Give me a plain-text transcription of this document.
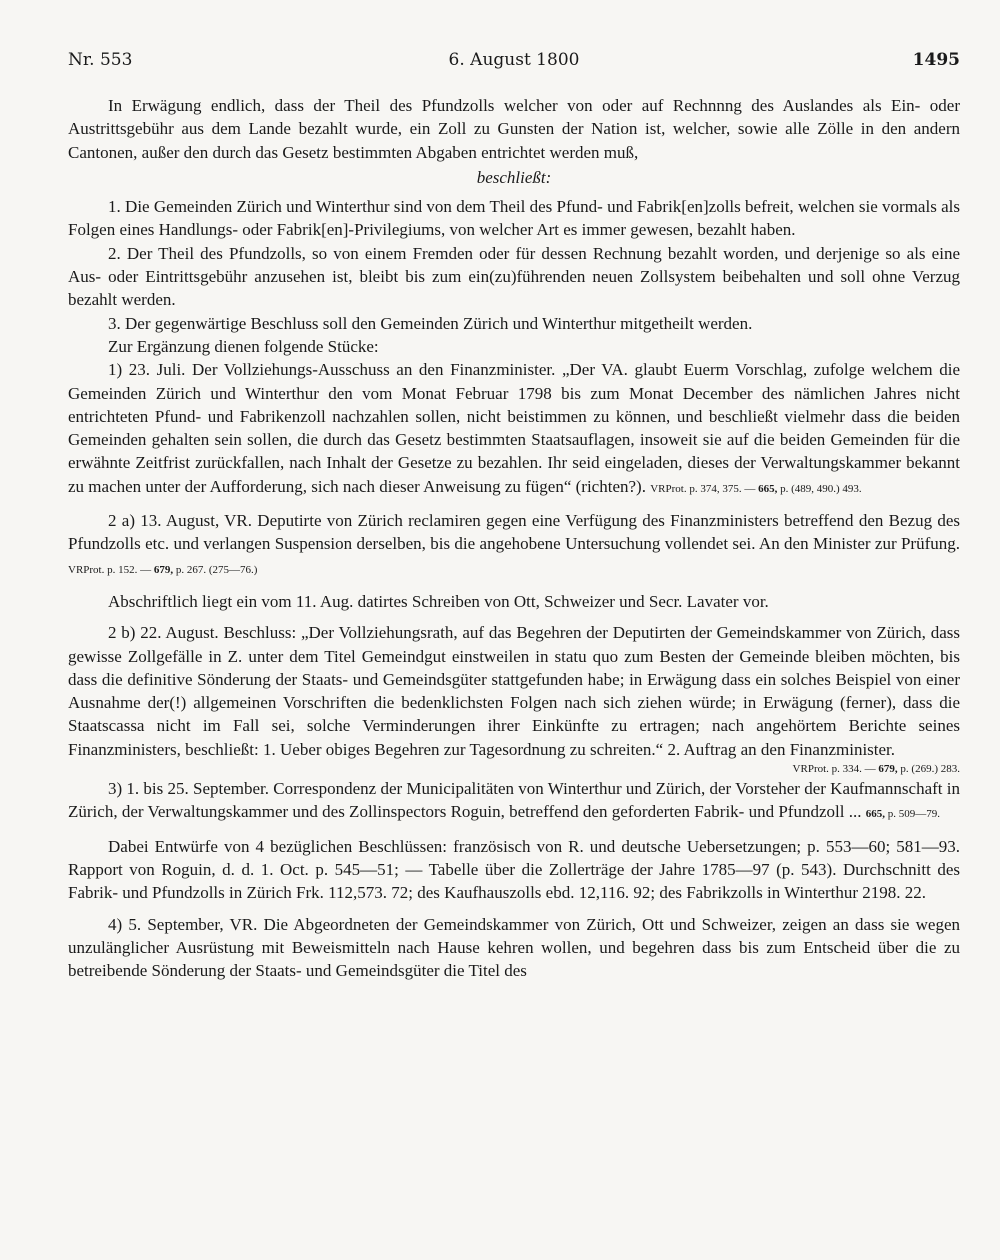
Nr. 553	6. August 1800	1495

In Erwägung endlich, dass der Theil des Pfundzolls welcher von oder auf Rechnnng des Auslandes als Ein- oder Austrittsgebühr aus dem Lande bezahlt wurde, ein Zoll zu Gunsten der Nation ist, welcher, sowie alle Zölle in den andern Cantonen, außer den durch das Gesetz bestimmten Abgaben entrichtet werden muß,

beschließt:

1. Die Gemeinden Zürich und Winterthur sind von dem Theil des Pfund- und Fabrik[en]zolls befreit, welchen sie vormals als Folgen eines Handlungs- oder Fabrik[en]-Privilegiums, von welcher Art es immer gewesen, bezahlt haben.

2. Der Theil des Pfundzolls, so von einem Fremden oder für dessen Rechnung bezahlt worden, und derjenige so als eine Aus- oder Eintrittsgebühr anzusehen ist, bleibt bis zum ein(zu)führenden neuen Zollsystem beibehalten und soll ohne Verzug bezahlt werden.

3. Der gegenwärtige Beschluss soll den Gemeinden Zürich und Winterthur mitgetheilt werden.

Zur Ergänzung dienen folgende Stücke:

1) 23. Juli. Der Vollziehungs-Ausschuss an den Finanzminister. „Der VA. glaubt Euerm Vorschlag, zufolge welchem die Gemeinden Zürich und Winterthur den vom Monat Februar 1798 bis zum Monat December des nämlichen Jahres nicht entrichteten Pfund- und Fabrikenzoll nachzahlen sollen, nicht beistimmen zu können, und beschließt vielmehr dass die beiden Gemeinden gehalten sein sollen, die durch das Gesetz bestimmten Staatsauflagen, insoweit sie auf die beiden Gemeinden für die erwähnte Zeitfrist zurückfallen, nach Inhalt der Gesetze zu bezahlen. Ihr seid eingeladen, dieses der Verwaltungskammer bekannt zu machen unter der Aufforderung, sich nach dieser Anweisung zu fügen“ (richten?). VRProt. p. 374, 375. — 665, p. (489, 490.) 493.

2 a) 13. August, VR. Deputirte von Zürich reclamiren gegen eine Verfügung des Finanzministers betreffend den Bezug des Pfundzolls etc. und verlangen Suspension derselben, bis die angehobene Untersuchung vollendet sei. An den Minister zur Prüfung. VRProt. p. 152. — 679, p. 267. (275—76.)

Abschriftlich liegt ein vom 11. Aug. datirtes Schreiben von Ott, Schweizer und Secr. Lavater vor.

2 b) 22. August. Beschluss: „Der Vollziehungsrath, auf das Begehren der Deputirten der Gemeindskammer von Zürich, dass gewisse Zollgefälle in Z. unter dem Titel Gemeindgut einstweilen in statu quo zum Besten der Gemeinde bleiben möchten, bis dass die definitive Sönderung der Staats- und Gemeindsgüter stattgefunden habe; in Erwägung dass ein solches Beispiel von einer Ausnahme der(!) allgemeinen Vorschriften die bedenklichsten Folgen nach sich ziehen würde; in Erwägung (ferner), dass die Staatscassa nicht im Fall sei, solche Verminderungen ihrer Einkünfte zu ertragen; nach angehörtem Berichte seines Finanzministers, beschließt: 1. Ueber obiges Begehren zur Tagesordnung zu schreiten.“ 2. Auftrag an den Finanzminister.

VRProt. p. 334. — 679, p. (269.) 283.

3) 1. bis 25. September. Correspondenz der Municipalitäten von Winterthur und Zürich, der Vorsteher der Kaufmannschaft in Zürich, der Verwaltungskammer und des Zollinspectors Roguin, betreffend den geforderten Fabrik- und Pfundzoll ... 665, p. 509—79.

Dabei Entwürfe von 4 bezüglichen Beschlüssen: französisch von R. und deutsche Uebersetzungen; p. 553—60; 581—93. Rapport von Roguin, d. d. 1. Oct. p. 545—51; — Tabelle über die Zollerträge der Jahre 1785—97 (p. 543). Durchschnitt des Fabrik- und Pfundzolls in Zürich Frk. 112,573. 72; des Kaufhauszolls ebd. 12,116. 92; des Fabrikzolls in Winterthur 2198. 22.

4) 5. September, VR. Die Abgeordneten der Gemeindskammer von Zürich, Ott und Schweizer, zeigen an dass sie wegen unzulänglicher Ausrüstung mit Beweismitteln nach Hause kehren wollen, und begehren dass bis zum Entscheid über die zu betreibende Sönderung der Staats- und Gemeindsgüter die Titel des
